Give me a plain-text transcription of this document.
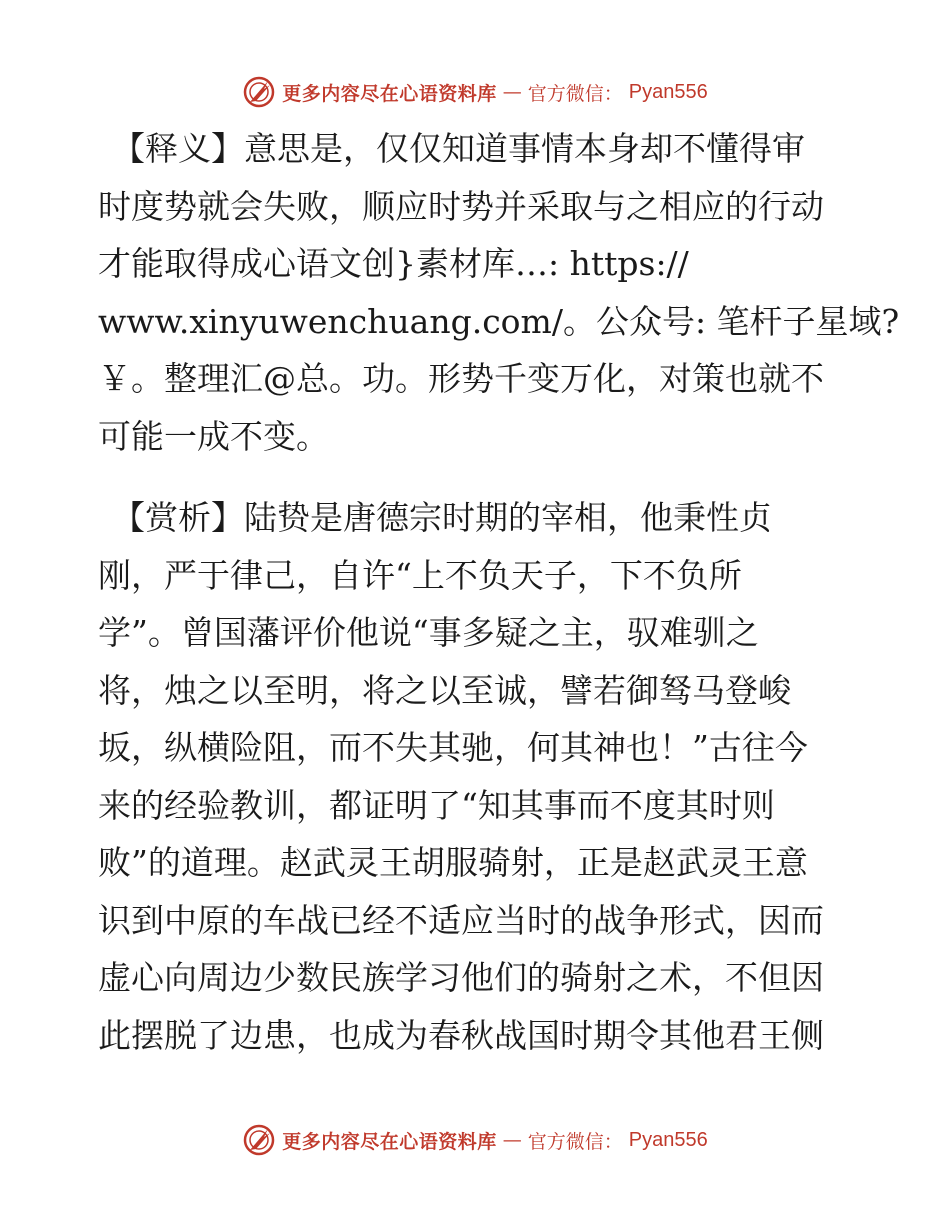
更多内容尽在心语资料库 — 官方微信： Pyan556

【释义】意思是，仅仅知道事情本身却不懂得审
时度势就会失败，顺应时势并采取与之相应的行动
才能取得成心语文创}素材库…: https://
www.xinyuwenchuang.com/。公众号: 笔杆子星域?
￥。整理汇@总。功。形势千变万化，对策也就不
可能一成不变。

【赏析】陆贽是唐德宗时期的宰相，他秉性贞
刚，严于律己，自许“上不负天子，下不负所
学”。曾国藩评价他说“事多疑之主，驭难驯之
将，烛之以至明，将之以至诚，譬若御驽马登峻
坂，纵横险阻，而不失其驰，何其神也！”古往今
来的经验教训，都证明了“知其事而不度其时则
败”的道理。赵武灵王胡服骑射，正是赵武灵王意
识到中原的车战已经不适应当时的战争形式，因而
虚心向周边少数民族学习他们的骑射之术，不但因
此摆脱了边患，也成为春秋战国时期令其他君王侧

更多内容尽在心语资料库 — 官方微信： Pyan556
